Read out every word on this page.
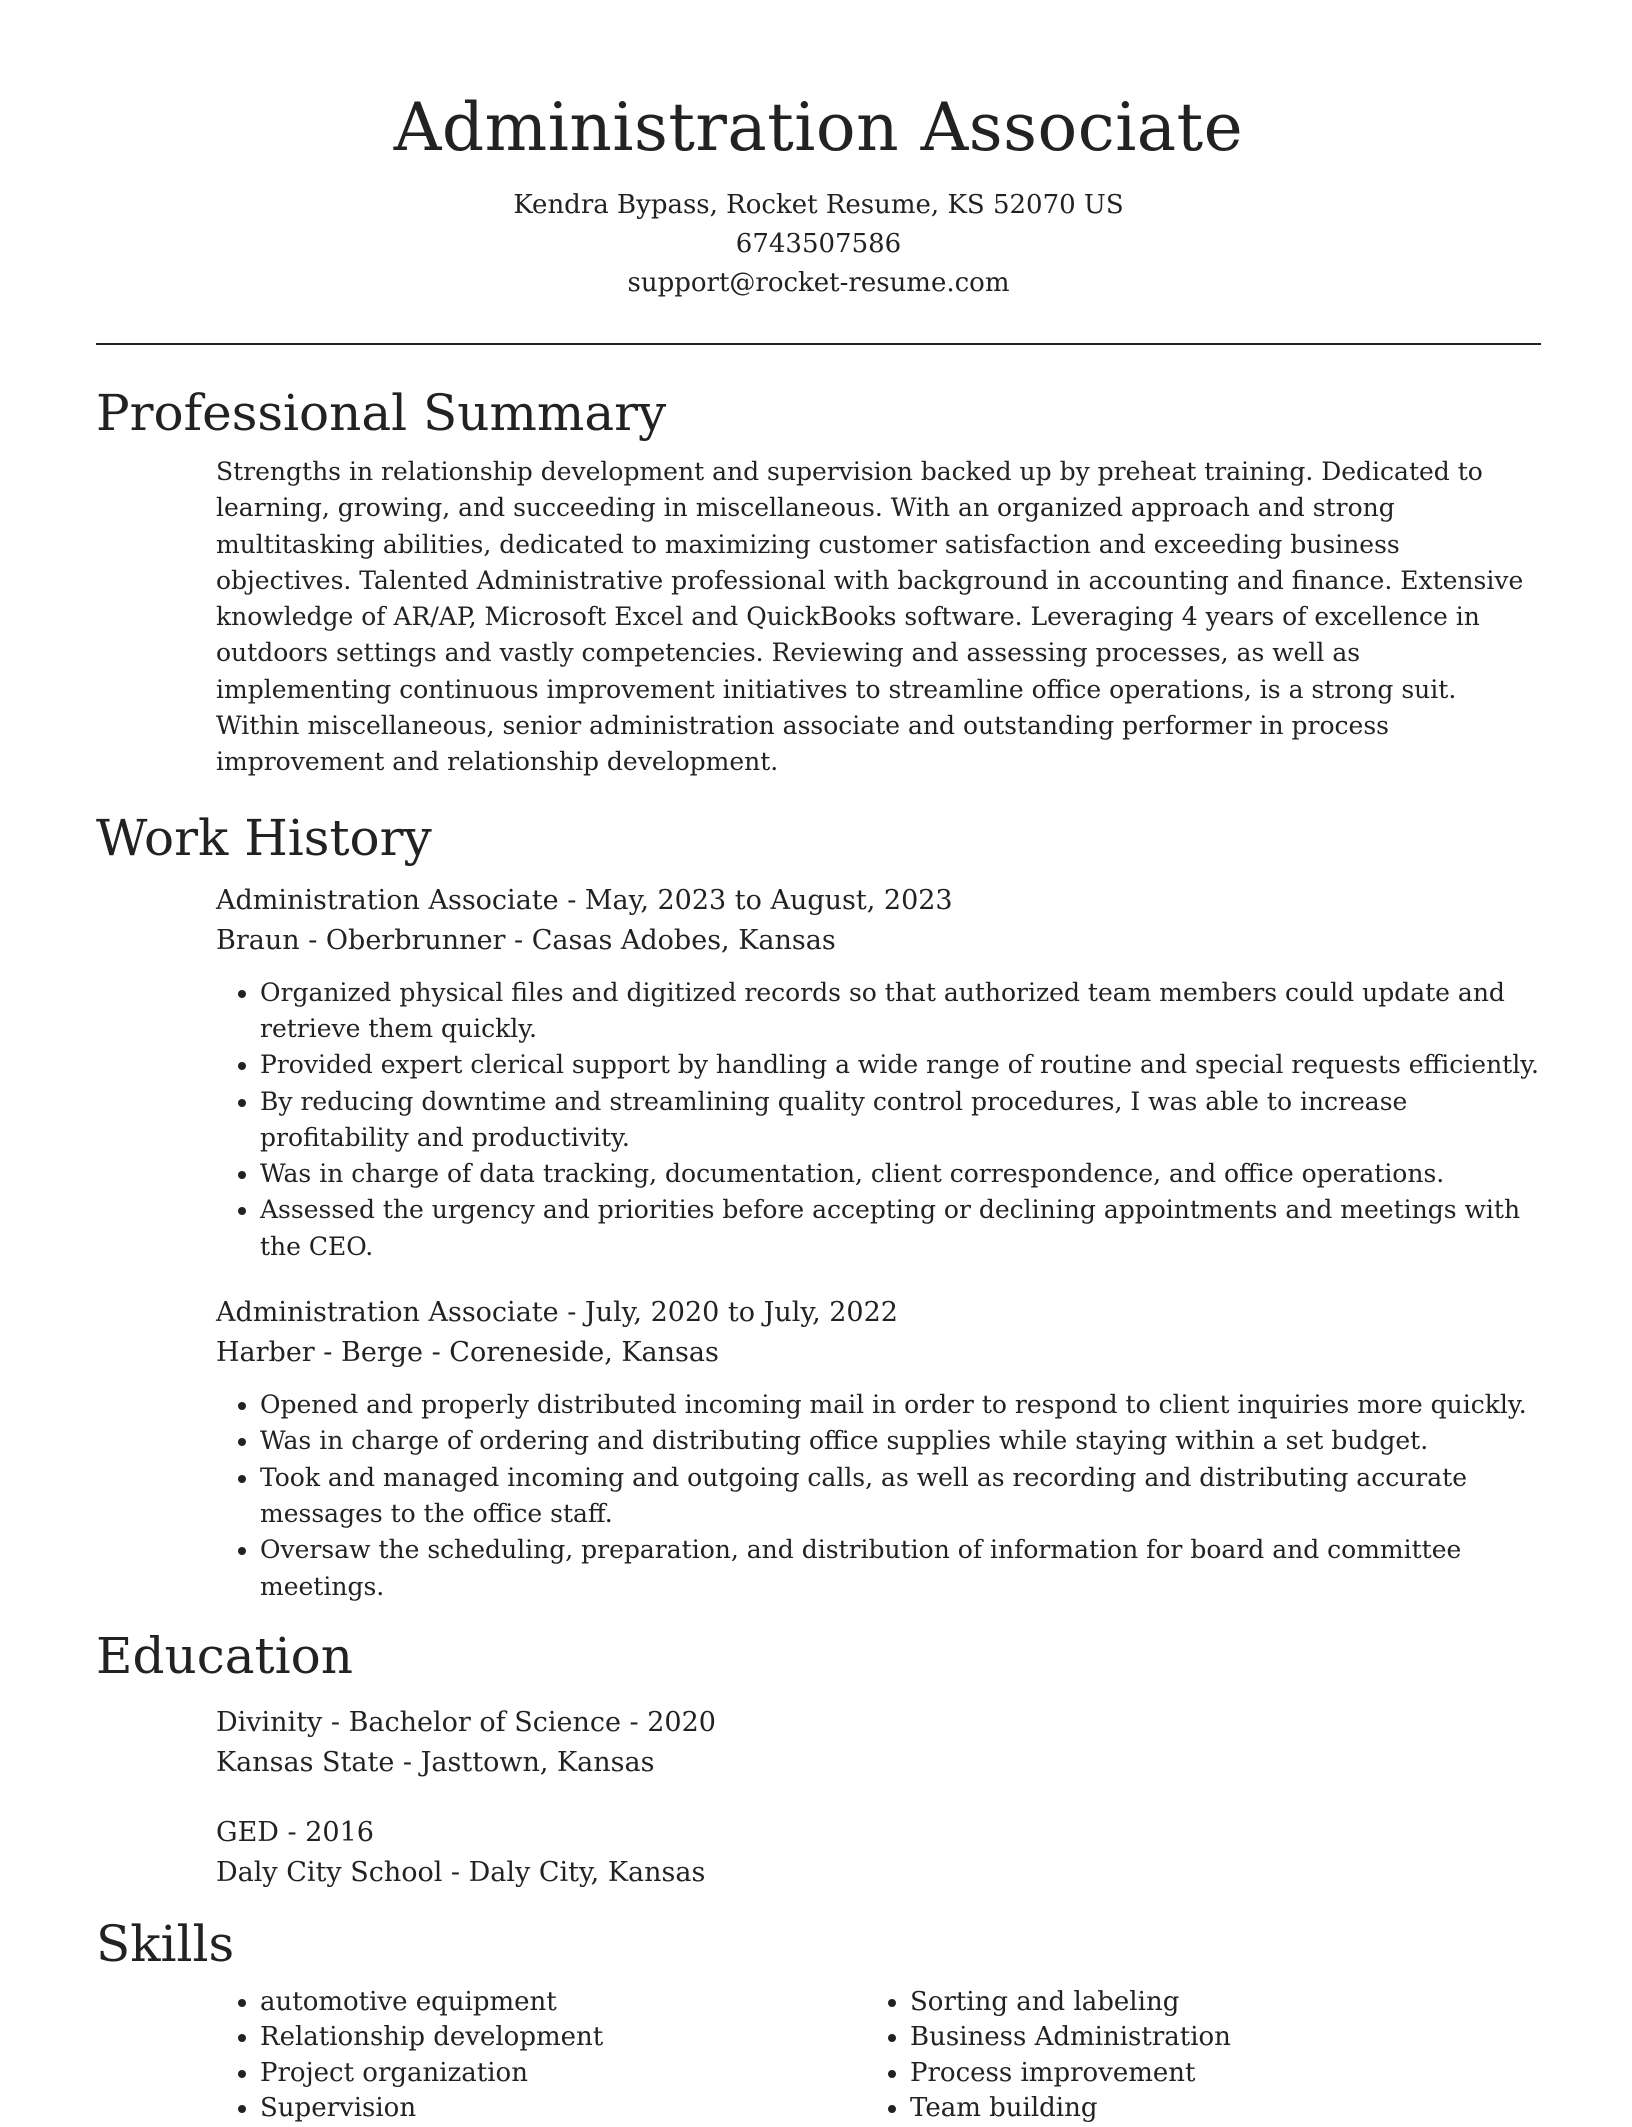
Administration Associate
Kendra Bypass, Rocket Resume, KS 52070 US
6743507586
support@rocket-resume.com
Professional Summary

Strengths in relationship development and supervision backed up by preheat training. Dedicated to learning, growing, and succeeding in miscellaneous. With an organized approach and strong multitasking abilities, dedicated to maximizing customer satisfaction and exceeding business objectives. Talented Administrative professional with background in accounting and finance. Extensive knowledge of AR/AP, Microsoft Excel and QuickBooks software. Leveraging 4 years of excellence in outdoors settings and vastly competencies. Reviewing and assessing processes, as well as implementing continuous improvement initiatives to streamline office operations, is a strong suit. Within miscellaneous, senior administration associate and outstanding performer in process improvement and relationship development.

Work History
Administration Associate - May, 2023 to August, 2023
Braun - Oberbrunner - Casas Adobes, Kansas
• Organized physical files and digitized records so that authorized team members could update and retrieve them quickly.
• Provided expert clerical support by handling a wide range of routine and special requests efficiently.
• By reducing downtime and streamlining quality control procedures, I was able to increase profitability and productivity.
• Was in charge of data tracking, documentation, client correspondence, and office operations.
• Assessed the urgency and priorities before accepting or declining appointments and meetings with the CEO.
Administration Associate - July, 2020 to July, 2022
Harber - Berge - Coreneside, Kansas
• Opened and properly distributed incoming mail in order to respond to client inquiries more quickly.
• Was in charge of ordering and distributing office supplies while staying within a set budget.
• Took and managed incoming and outgoing calls, as well as recording and distributing accurate messages to the office staff.
• Oversaw the scheduling, preparation, and distribution of information for board and committee meetings.
Education
Divinity - Bachelor of Science - 2020
Kansas State - Jasttown, Kansas
GED - 2016
Daly City School - Daly City, Kansas
Skills
• automotive equipment
• Relationship development
• Project organization
• Supervision
• Sorting and labeling
• Business Administration
• Process improvement
• Team building
